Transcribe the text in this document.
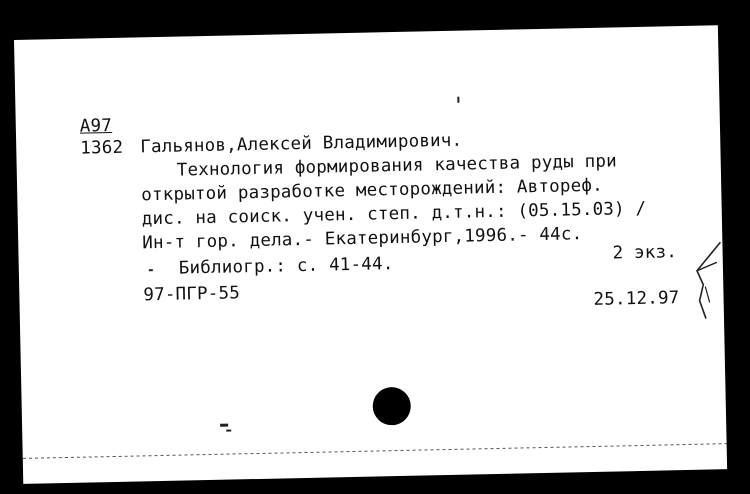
А97
1362 Гальянов,Алексей Владимирович.
Технология формирования качества руды при
открытой разработке месторождений: Автореф.
дис. на соиск. учен. степ. д.т.н.: (05.15.03) /
Ин-т гор. дела.- Екатеринбург,1996.- 44с. 2 экз.
Библиогр.: с. 41-44.
97-ПГР-55	25.12.97
